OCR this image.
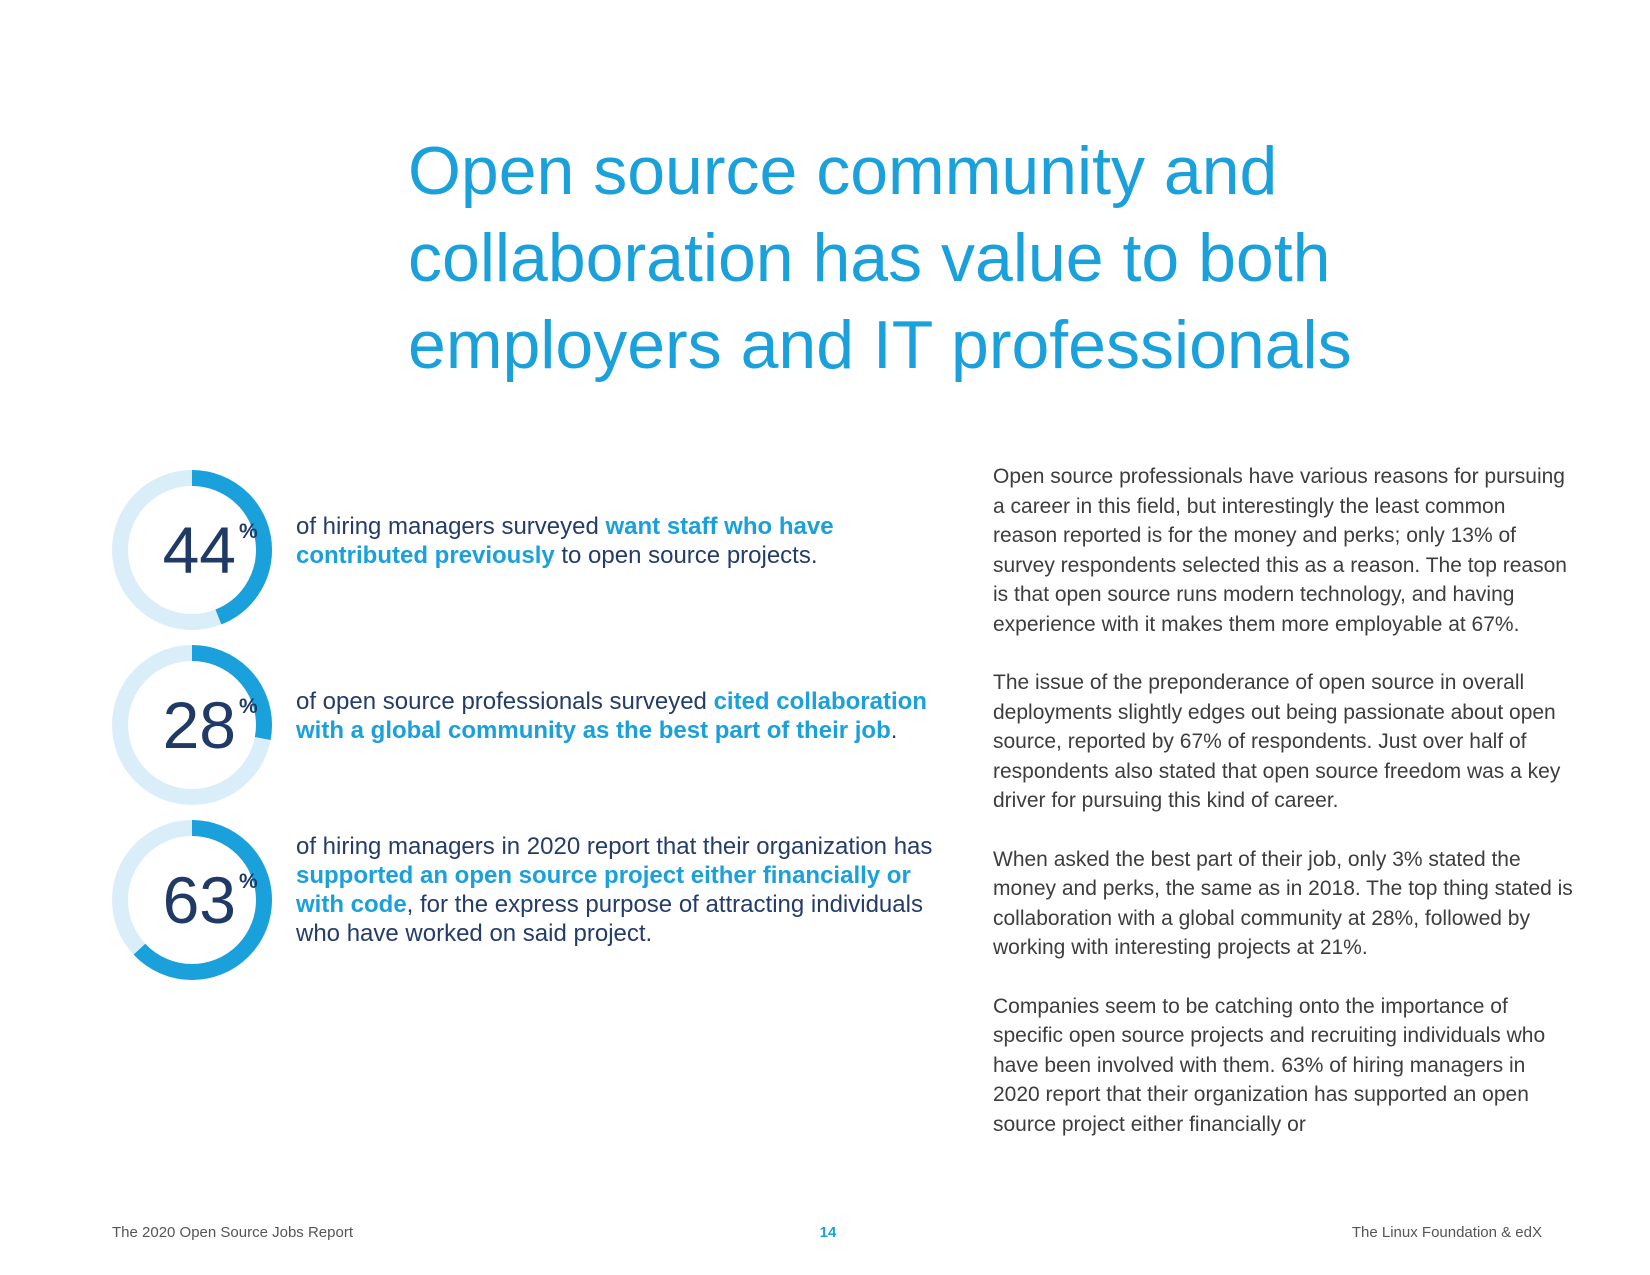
Open source community and
collaboration has value to both
employers and IT professionals
44 % of hiring managers surveyed want staff who have contributed previously to open source projects.

28 % of open source professionals surveyed cited collaboration with a global community as the best part of their job.

63 %

of hiring managers in 2020 report that their organization has supported an open source project either financially or with code, for the express purpose of attracting individuals who have worked on said project.

Open source professionals have various reasons for pursuing a career in this field, but interestingly the least common reason reported is for the money and perks; only 13% of survey respondents selected this as a reason. The top reason is that open source runs modern technology, and having experience with it makes them more employable at 67%.

The issue of the preponderance of open source in overall deployments slightly edges out being passionate about open source, reported by 67% of respondents. Just over half of respondents also stated that open source freedom was a key driver for pursuing this kind of career.

When asked the best part of their job, only 3% stated the money and perks, the same as in 2018. The top thing stated is collaboration with a global community at 28%, followed by working with interesting projects at 21%.

Companies seem to be catching onto the importance of specific open source projects and recruiting individuals who have been involved with them. 63% of hiring managers in 2020 report that their organization has supported an open source project either financially or

The 2020 Open Source Jobs Report	14	The Linux Foundation & edX
